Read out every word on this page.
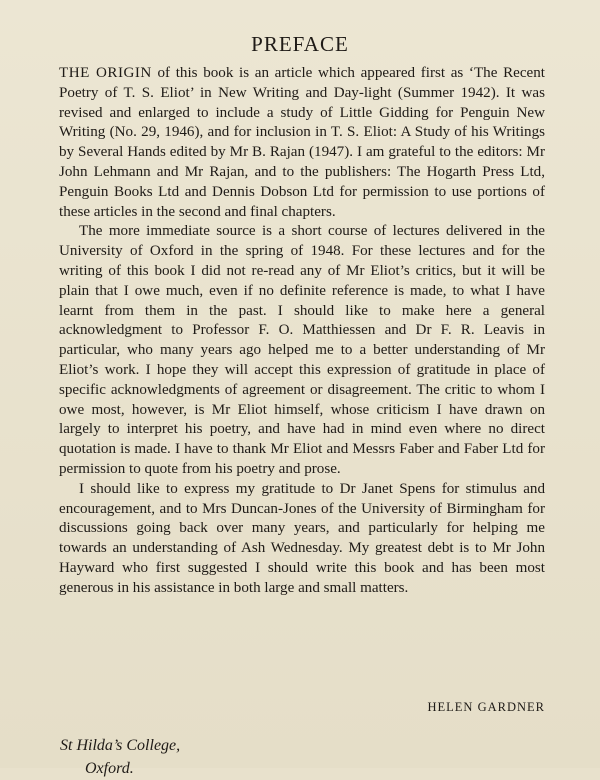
PREFACE

THE ORIGIN of this book is an article which appeared first as ‘The Recent Poetry of T. S. Eliot’ in New Writing and Day-light (Summer 1942). It was revised and enlarged to include a study of Little Gidding for Penguin New Writing (No. 29, 1946), and for inclusion in T. S. Eliot: A Study of his Writings by Several Hands edited by Mr B. Rajan (1947). I am grateful to the editors: Mr John Lehmann and Mr Rajan, and to the publishers: The Hogarth Press Ltd, Penguin Books Ltd and Dennis Dobson Ltd for permission to use portions of these articles in the second and final chapters.

The more immediate source is a short course of lectures delivered in the University of Oxford in the spring of 1948. For these lectures and for the writing of this book I did not re-read any of Mr Eliot’s critics, but it will be plain that I owe much, even if no definite reference is made, to what I have learnt from them in the past. I should like to make here a general acknowledgment to Professor F. O. Matthiessen and Dr F. R. Leavis in particular, who many years ago helped me to a better understanding of Mr Eliot’s work. I hope they will accept this expression of gratitude in place of specific acknowledgments of agreement or disagreement. The critic to whom I owe most, however, is Mr Eliot himself, whose criticism I have drawn on largely to interpret his poetry, and have had in mind even where no direct quotation is made. I have to thank Mr Eliot and Messrs Faber and Faber Ltd for permission to quote from his poetry and prose.

I should like to express my gratitude to Dr Janet Spens for stimulus and encouragement, and to Mrs Duncan-Jones of the University of Birmingham for discussions going back over many years, and particularly for helping me towards an understanding of Ash Wednesday. My greatest debt is to Mr John Hayward who first suggested I should write this book and has been most generous in his assistance in both large and small matters.

HELEN GARDNER
St Hilda’s College,
Oxford.
